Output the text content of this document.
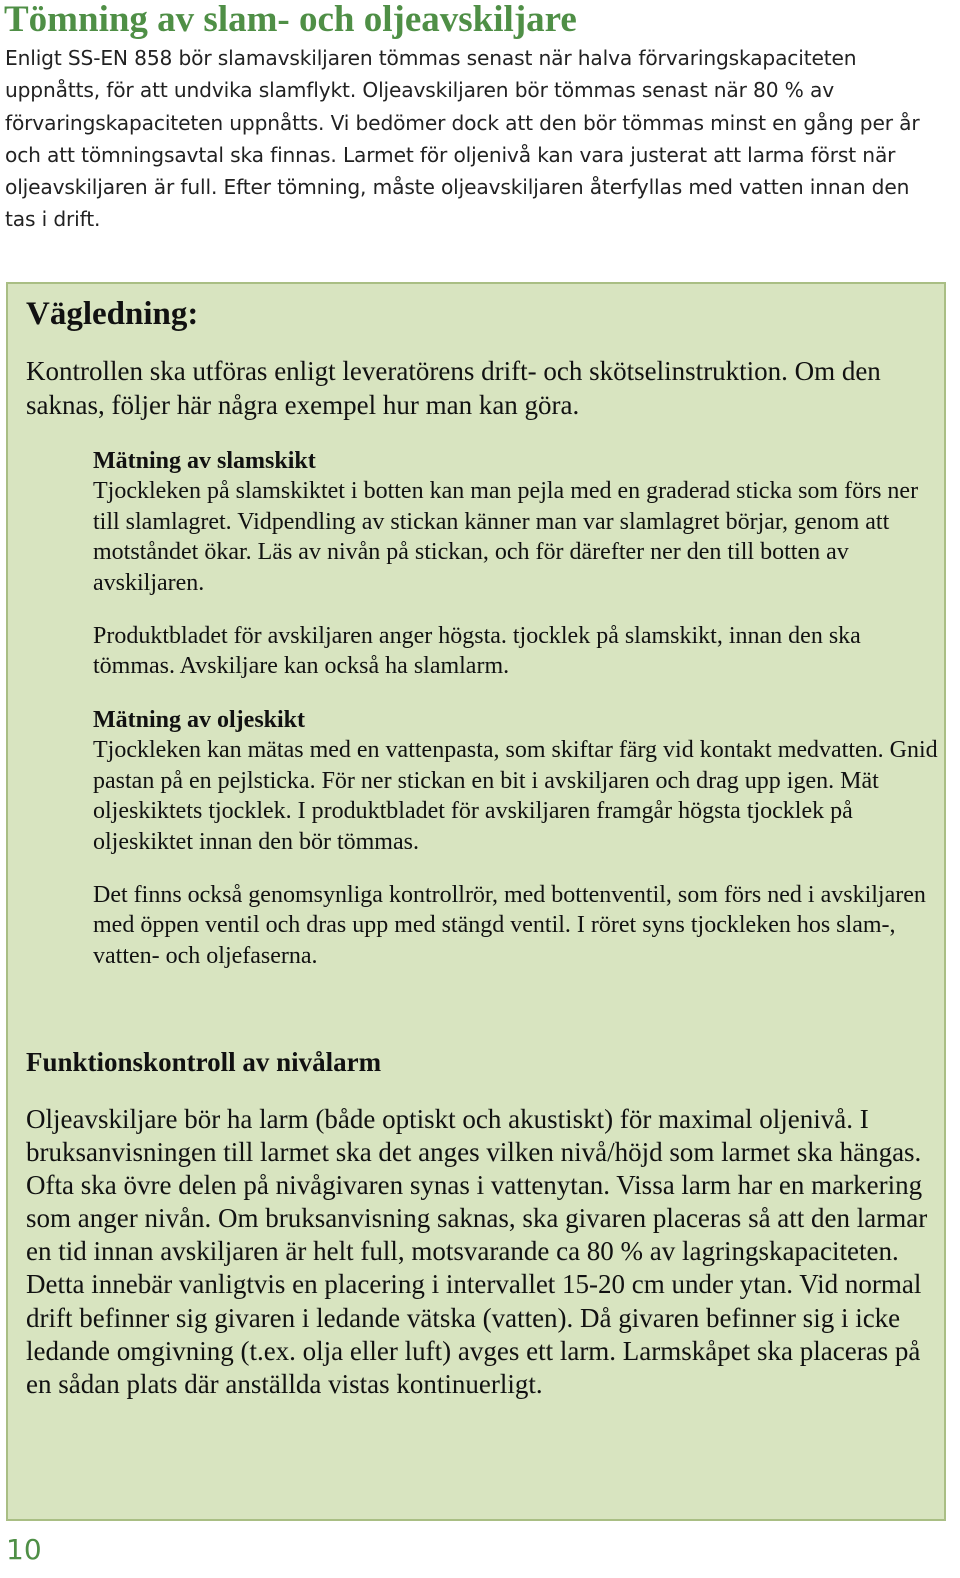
Tömning av slam- och oljeavskiljare

Enligt SS-EN 858 bör slamavskiljaren tömmas senast när halva förvaringskapaciteten uppnåtts, för att undvika slamflykt. Oljeavskiljaren bör tömmas senast när 80 % av förvaringskapaciteten uppnåtts. Vi bedömer dock att den bör tömmas minst en gång per år och att tömningsavtal ska finnas. Larmet för oljenivå kan vara justerat att larma först när oljeavskiljaren är full. Efter tömning, måste oljeavskiljaren återfyllas med vatten innan den tas i drift.

Vägledning:

Kontrollen ska utföras enligt leveratörens drift- och skötselinstruktion. Om den saknas, följer här några exempel hur man kan göra.

Mätning av slamskikt

Tjockleken på slamskiktet i botten kan man pejla med en graderad sticka som förs ner till slamlagret. Vidpendling av stickan känner man var slamlagret börjar, genom att motståndet ökar. Läs av nivån på stickan, och för därefter ner den till botten av avskiljaren.

Produktbladet för avskiljaren anger högsta. tjocklek på slamskikt, innan den ska tömmas. Avskiljare kan också ha slamlarm.

Mätning av oljeskikt

Tjockleken kan mätas med en vattenpasta, som skiftar färg vid kontakt medvatten. Gnid pastan på en pejlsticka. För ner stickan en bit i avskiljaren och drag upp igen. Mät oljeskiktets tjocklek. I produktbladet för avskiljaren framgår högsta tjocklek på oljeskiktet innan den bör tömmas.

Det finns också genomsynliga kontrollrör, med bottenventil, som förs ned i avskiljaren med öppen ventil och dras upp med stängd ventil. I röret syns tjockleken hos slam-, vatten- och oljefaserna.

Funktionskontroll av nivålarm

Oljeavskiljare bör ha larm (både optiskt och akustiskt) för maximal oljenivå. I bruksanvisningen till larmet ska det anges vilken nivå/höjd som larmet ska hängas. Ofta ska övre delen på nivågivaren synas i vattenytan. Vissa larm har en markering som anger nivån. Om bruksanvisning saknas, ska givaren placeras så att den larmar en tid innan avskiljaren är helt full, motsvarande ca 80 % av lagringskapaciteten. Detta innebär vanligtvis en placering i intervallet 15-20 cm under ytan. Vid normal drift befinner sig givaren i ledande vätska (vatten). Då givaren befinner sig i icke ledande omgivning (t.ex. olja eller luft) avges ett larm. Larmskåpet ska placeras på en sådan plats där anställda vistas kontinuerligt.

10
